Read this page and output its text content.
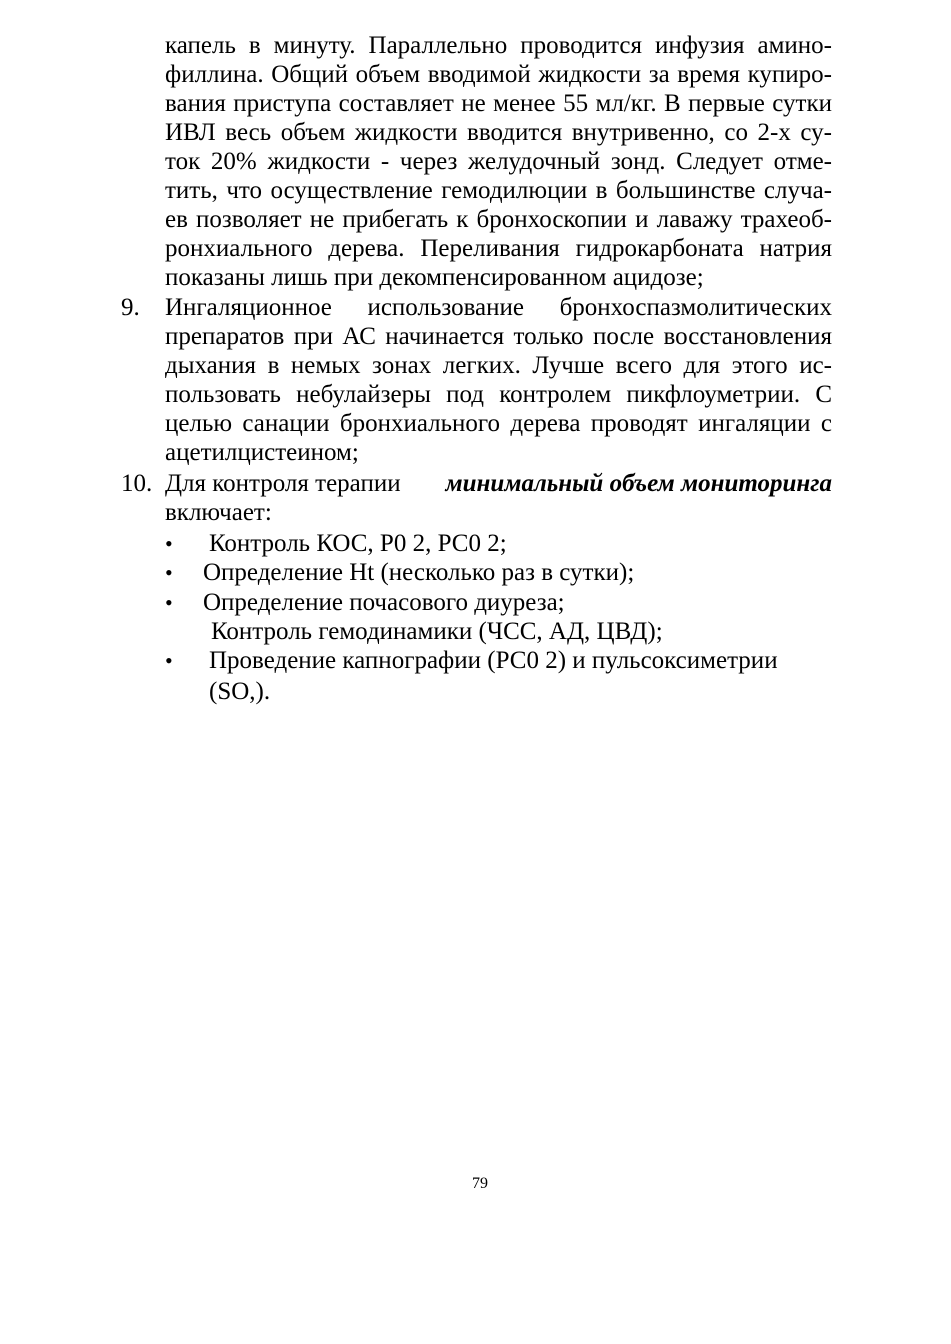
капель в минуту. Параллельно проводится инфузия амино-
филлина. Общий объем вводимой жидкости за время купиро-
вания приступа составляет не менее 55 мл/кг. В первые сутки
ИВЛ весь объем жидкости вводится внутривенно, со 2-х су-
ток 20% жидкости - через желудочный зонд. Следует отме-
тить, что осуществление гемодилюции в большинстве случа-
ев позволяет не прибегать к бронхоскопии и лаважу трахеоб-
ронхиального дерева. Переливания гидрокарбоната натрия
показаны лишь при декомпенсированном ацидозе;
9. Ингаляционное использование бронхоспазмолитических
препаратов при АС начинается только после восстановления
дыхания в немых зонах легких. Лучше всего для этого ис-
пользовать небулайзеры под контролем пикфлоуметрии. С
целью санации бронхиального дерева проводят ингаляции с
ацетилцистеином;
10. Для контроля терапии минимальный объем мониторинга
включает:
• Контроль КОС, Р0 2, РС0 2;
• Определение Ht (несколько раз в сутки);
• Определение почасового диуреза;
Контроль гемодинамики (ЧСС, АД, ЦВД);
• Проведение капнографии (РС0 2) и пульсоксиметрии
(SO,).
79
